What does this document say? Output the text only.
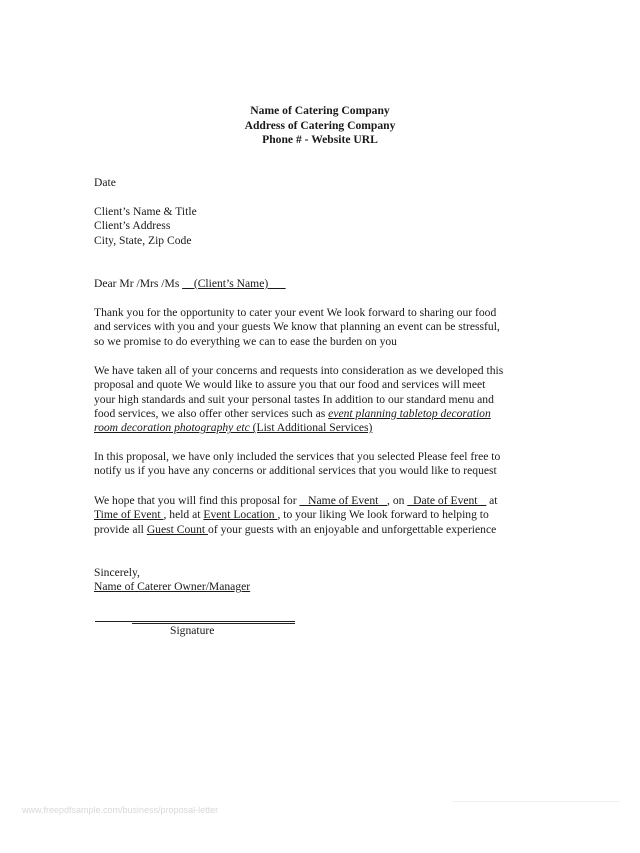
Name of Catering Company
Address of Catering Company
Phone # - Website URL
Date
Client’s Name & Title
Client’s Address
City, State, Zip Code
Dear Mr /Mrs /Ms __(Client’s Name)___
Thank you for the opportunity to cater your event We look forward to sharing our food
and services with you and your guests We know that planning an event can be stressful,
so we promise to do everything we can to ease the burden on you
We have taken all of your concerns and requests into consideration as we developed this
proposal and quote We would like to assure you that our food and services will meet
your high standards and suit your personal tastes In addition to our standard menu and
food services, we also offer other services such as event planning tabletop decoration
room decoration photography etc (List Additional Services)
In this proposal, we have only included the services that you selected Please feel free to
notify us if you have any concerns or additional services that you would like to request
We hope that you will find this proposal for _ Name of Event _, on _Date of Event _ at
Time of Event , held at Event Location , to your liking We look forward to helping to
provide all Guest Count of your guests with an enjoyable and unforgettable experience
Sincerely,
Name of Caterer Owner/Manager
Signature
www.freepdfsample.com/business/proposal-letter
